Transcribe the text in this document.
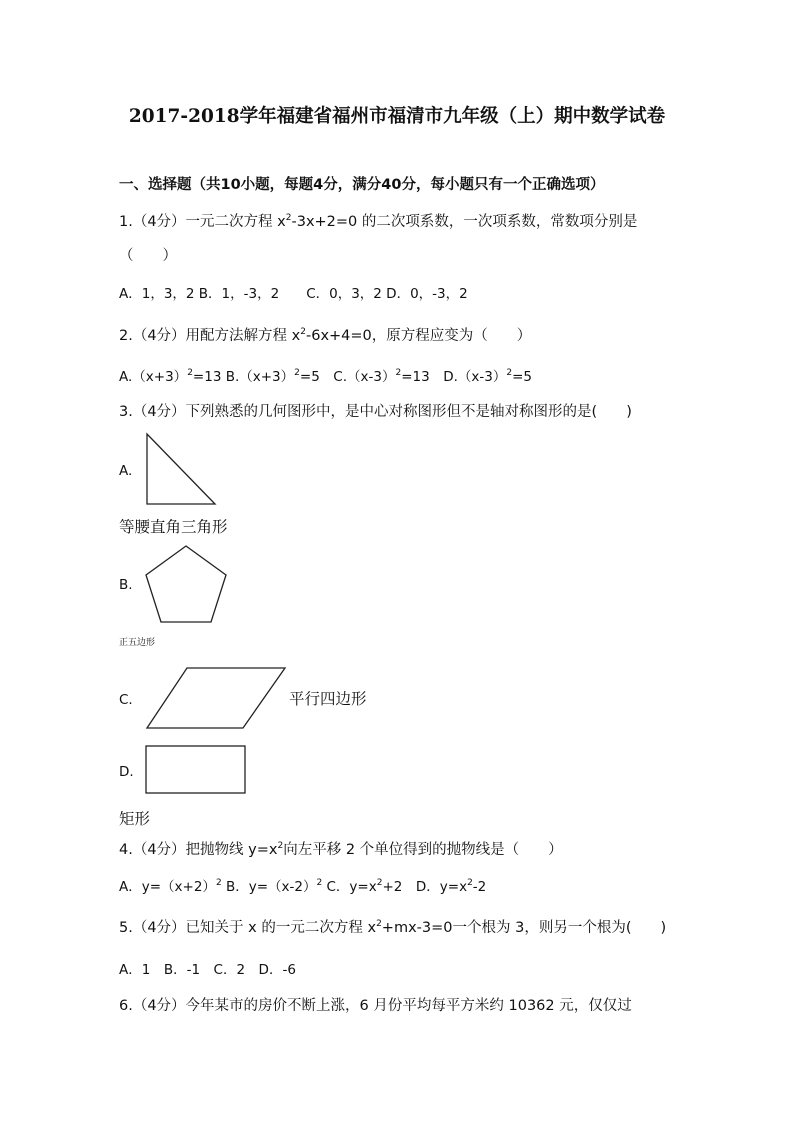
2017-2018学年福建省福州市福清市九年级（上）期中数学试卷
一、选择题（共10小题，每题4分，满分40分，每小题只有一个正确选项）
1.（4分）一元二次方程 $x^2-3x+2=0$ 的二次项系数，一次项系数，常数项分别是
（　　）
A．1，3，2 B．1，-3，2　　C．0，3，2 D．0，-3，2
2.（4分）用配方法解方程 $x^2-6x+4=0$，原方程应变为（　　）
$A.(x+3)^2=13$ $B.(x+3)^2=5$　$C.(x-3)^2=13$　$D.(x-3)^2=5$
3.（4分）下列熟悉的几何图形中，是中心对称图形但不是轴对称图形的是(　　)
A.
等腰直角三角形
B.
正五边形
C.	平行四边形
D.
矩形
4.（4分）把抛物线 $y=x^2$向左平移 2 个单位得到的抛物线是（　　）
A．$y=(x+2)^2$ B．$y=(x-2)^2$ C．$y=x^2+2$　D．$y=x^2-2$
5.（4分）已知关于 x 的一元二次方程 $x^2+mx-3=0$一个根为 3，则另一个根为(　　)
A．1　B．-1　C．2　D．-6
6.（4分）今年某市的房价不断上涨，6 月份平均每平方米约 10362 元，仅仅过
